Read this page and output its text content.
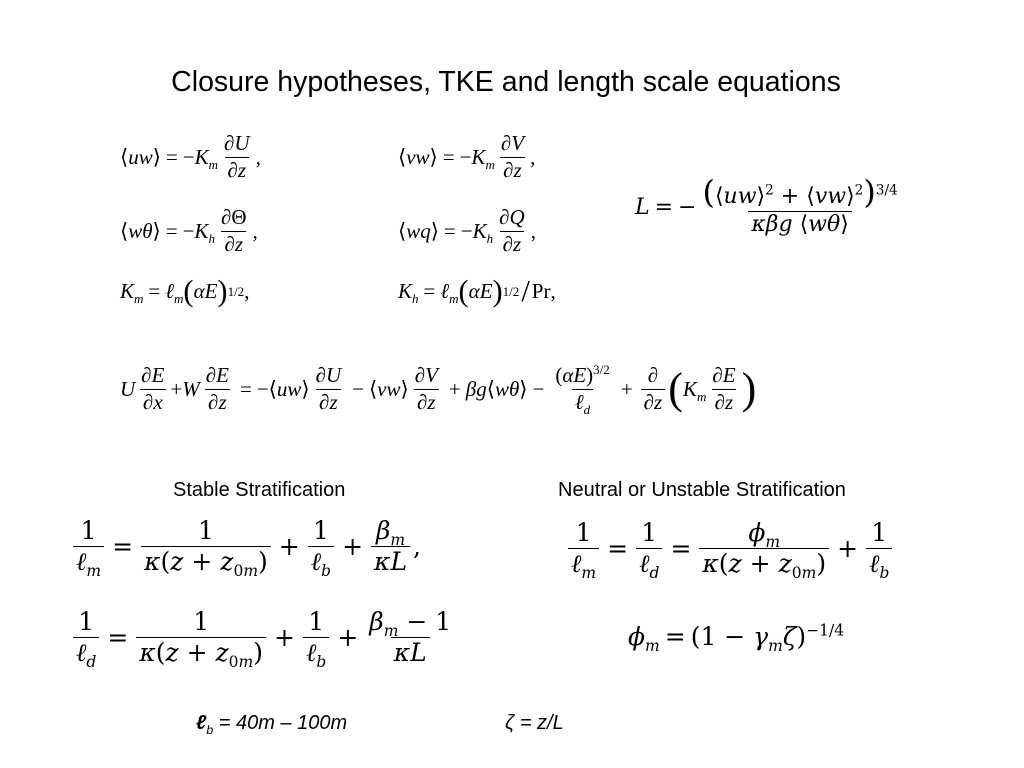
Closure hypotheses, TKE and length scale equations
⟨uw⟩ = $-K_m \frac{\partial U}{\partial z}$ ,	⟨vw⟩ = $-K_m \frac{\partial V}{\partial z}$ ,
⟨wθ⟩ = $-K_h \frac{\partial\Theta}{\partial z}$ ,	⟨wq⟩ = $-K_h \frac{\partial Q}{\partial z}$ ,
$K_m$ = ℓ$_m$ ( αE ) 1/2 ,	$K_h$ = ℓ$_m$ ( αE ) 1/2 / Pr ,
L = − $\frac{(⟨uw⟩^2 + ⟨vw⟩^2)^{3/4}}{\text{κβg ⟨wθ⟩}}$
U $\frac{\partial E}{\partial x} +W \frac{\partial E}{\partial z}$ = −⟨uw⟩ $\frac{\partial U}{\partial z}$ − ⟨vw⟩ $\frac{\partial V}{\partial z}$ + βg⟨wθ⟩ − $\frac{(\alpha E)^{3/2}}{\ell_d} + \frac{\partial}{\partial z}$ ( $K_m \frac{\partial E}{\partial z}$ )
Stable Stratification	Neutral or Unstable Stratification
$\frac{1}{\ell_m} = \frac{1}{\kappa(z + z_{0m})} + \frac{1}{\ell_b} + \frac{\beta_m}{\kappa L}$ ,
$\frac{1}{\ell_d} = \frac{1}{\kappa(z + z_{0m})} + \frac{1}{\ell_b} + \frac{\beta_m - 1}{\kappa L}$
$\frac{1}{\ell_m} = \frac{1}{\ell_d} = \frac{\phi_m}{\kappa(z + z_{0m})} + \frac{1}{\ell_b}$
$\phi_m = (1 - \gamma_m\zeta)^{-1/4}$
ℓ$_b$ = 40m – 100m	ζ = z/L
